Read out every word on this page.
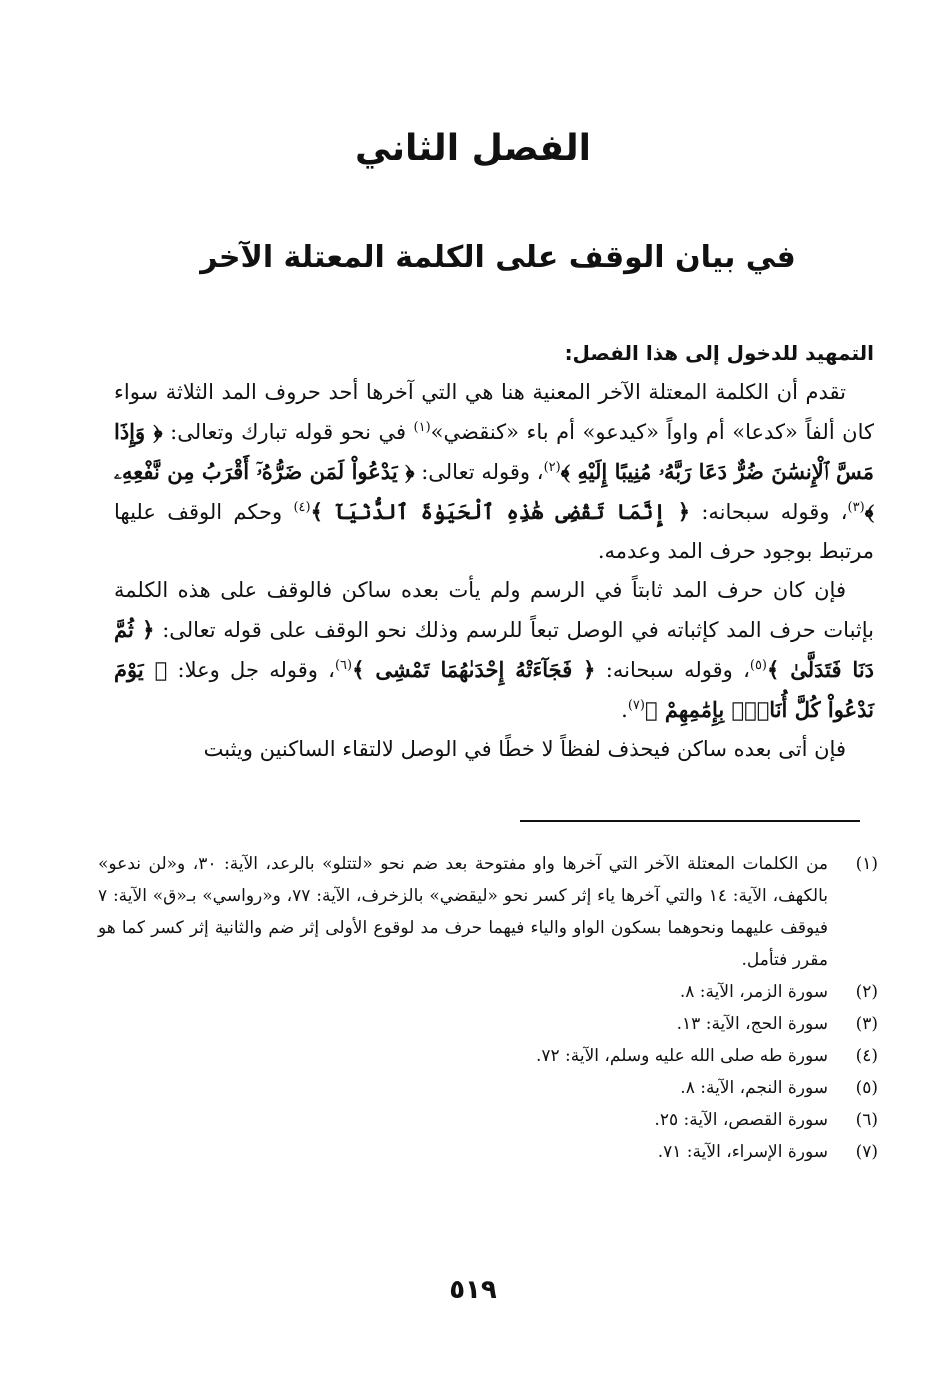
الفصل الثاني
في بيان الوقف على الكلمة المعتلة الآخر

التمهيد للدخول إلى هذا الفصل:

تقدم أن الكلمة المعتلة الآخر المعنية هنا هي التي آخرها أحد حروف المد الثلاثة سواء كان ألفاً «كدعا» أم واواً «كيدعو» أم باء «كنقضي»$^{(١)}$ في نحو قوله تبارك وتعالى: ﴿ وَإِذَا مَسَّ ٱلْإِنسَٰنَ ضُرٌّ دَعَا رَبَّهُۥ مُنِيبًا إِلَيْهِ ﴾$^{(٢)}$، وقوله تعالى: ﴿ يَدْعُواْ لَمَن ضَرُّهُۥٓ أَقْرَبُ مِن نَّفْعِهِۦ ﴾$^{(٣)}$، وقوله سبحانه: ﴿ إِنَّمَا تَقْضِى هَٰذِهِ ٱلْحَيَوٰةَ ٱلدُّنْيَآ ﴾$^{(٤)}$ وحكم الوقف عليها مرتبط بوجود حرف المد وعدمه.

فإن كان حرف المد ثابتاً في الرسم ولم يأت بعده ساكن فالوقف على هذه الكلمة بإثبات حرف المد كإثباته في الوصل تبعاً للرسم وذلك نحو الوقف على قوله تعالى: ﴿ ثُمَّ دَنَا فَتَدَلَّىٰ ﴾$^{(٥)}$، وقوله سبحانه: ﴿ فَجَآءَتْهُ إِحْدَىٰهُمَا تَمْشِى ﴾$^{(٦)}$، وقوله جل وعلا: ﴿ يَوْمَ نَدْعُواْ كُلَّ أُنَاسٍۭ بِإِمَٰمِهِمْ ﴾$^{(٧)}$.

فإن أتى بعده ساكن فيحذف لفظاً لا خطًا في الوصل لالتقاء الساكنين ويثبت

(١)
من الكلمات المعتلة الآخر التي آخرها واو مفتوحة بعد ضم نحو «لتتلو» بالرعد، الآية: ٣٠، و«لن ندعو» بالكهف، الآية: ١٤ والتي آخرها ياء إثر كسر نحو «ليقضي» بالزخرف، الآية: ٧٧، و«رواسي» بـ«ق» الآية: ٧ فيوقف عليهما ونحوهما بسكون الواو والياء فيهما حرف مد لوقوع الأولى إثر ضم والثانية إثر كسر كما هو مقرر فتأمل.
(٢)
سورة الزمر، الآية: ٨.
(٣)
سورة الحج، الآية: ١٣.
(٤)
سورة طه صلى الله عليه وسلم، الآية: ٧٢.
(٥)
سورة النجم، الآية: ٨.
(٦)
سورة القصص، الآية: ٢٥.
(٧)
سورة الإسراء، الآية: ٧١.
٥١٩
